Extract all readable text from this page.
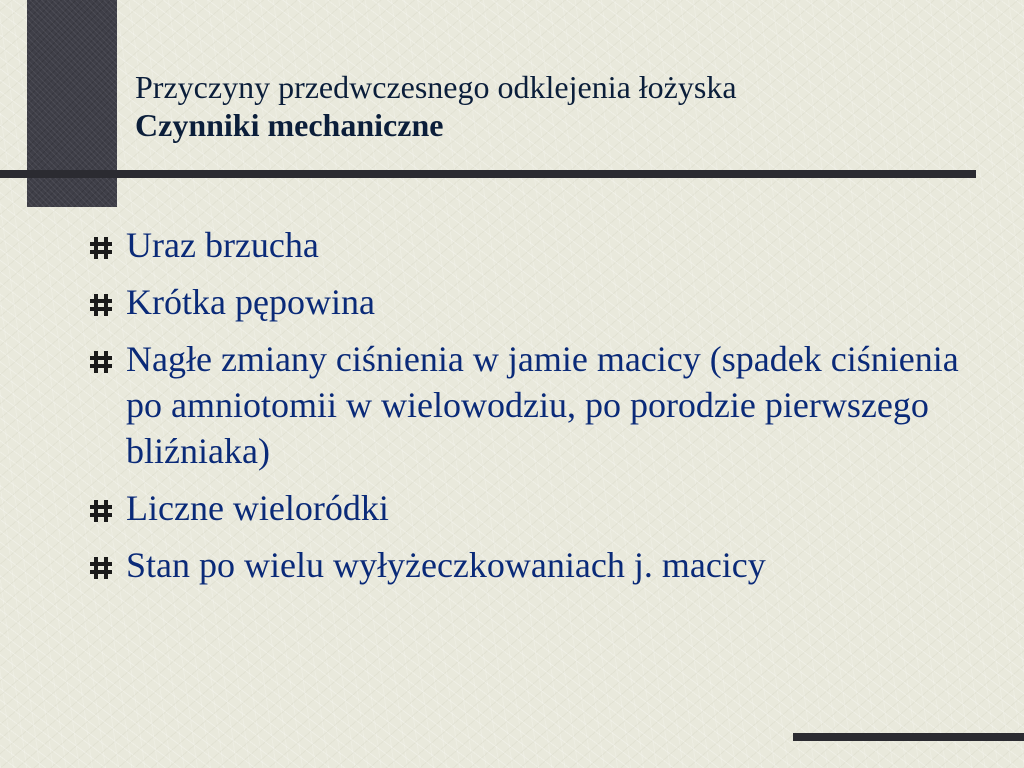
Przyczyny przedwczesnego odklejenia łożyska
Czynniki mechaniczne
Uraz brzucha
Krótka pępowina
Nagłe zmiany ciśnienia w jamie macicy (spadek ciśnienia po amniotomii w wielowodziu, po porodzie pierwszego bliźniaka)
Liczne wieloródki
Stan po wielu wyłyżeczkowaniach j. macicy
